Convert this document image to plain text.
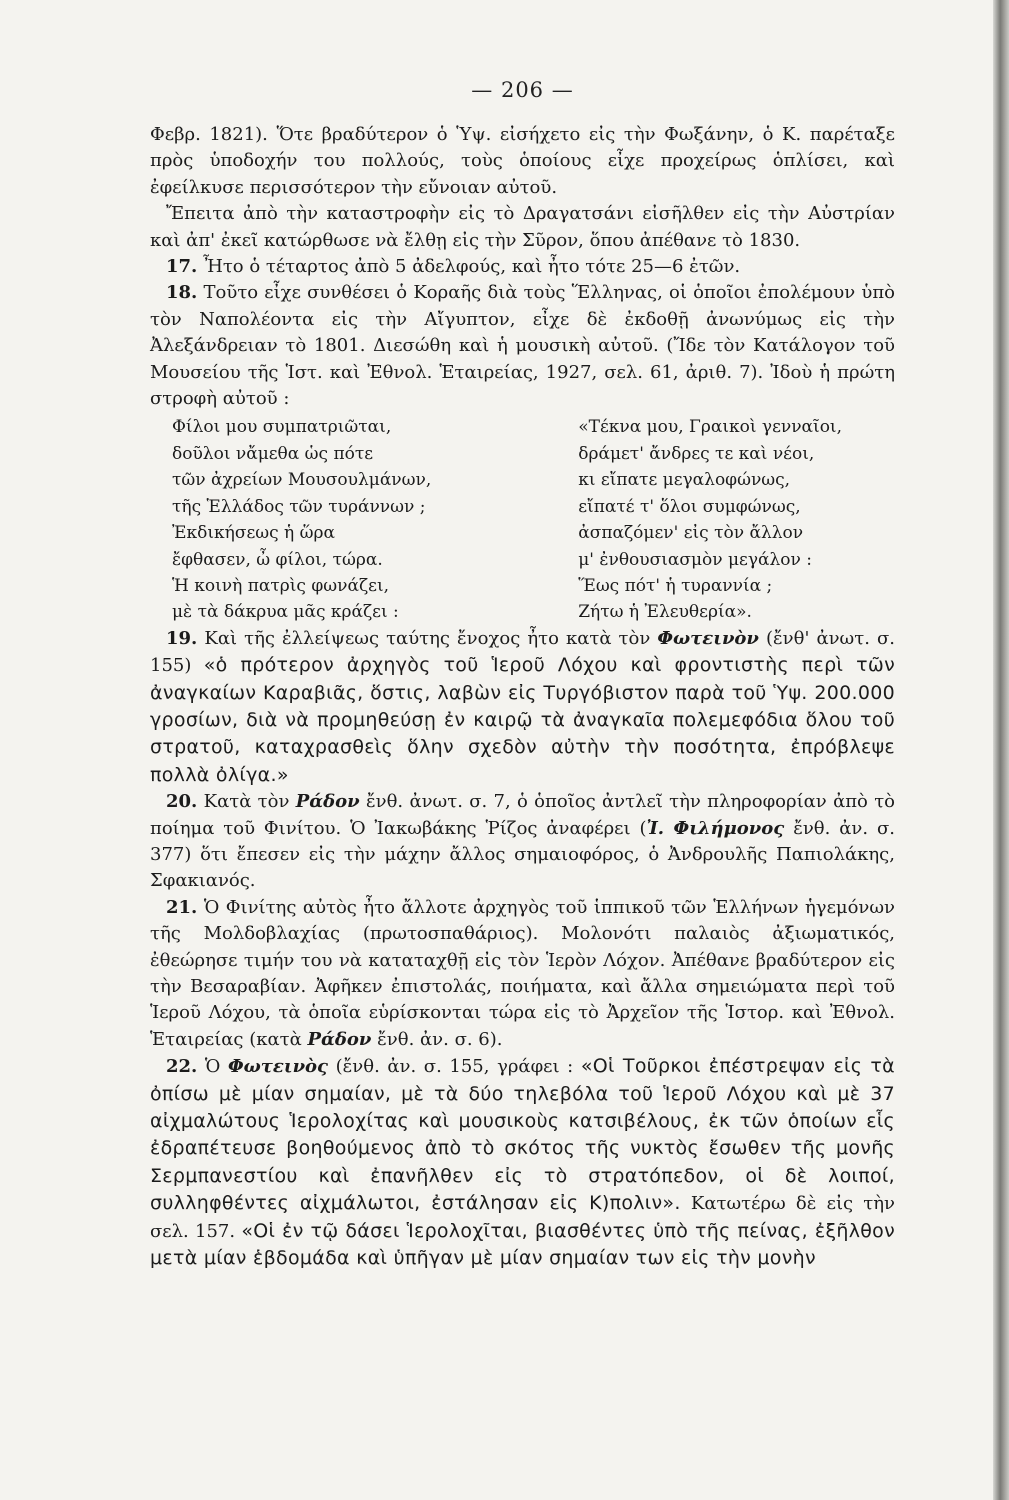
— 206 —

Φεβρ. 1821). Ὅτε βραδύτερον ὁ Ὑψ. εἰσήχετο εἰς τὴν Φωξάνην, ὁ Κ. παρέταξε πρὸς ὑποδοχήν του πολλούς, τοὺς ὁποίους εἶχε προχείρως ὁπλίσει, καὶ ἐφείλκυσε περισσότερον τὴν εὔνοιαν αὐτοῦ.

Ἔπειτα ἀπὸ τὴν καταστροφὴν εἰς τὸ Δραγατσάνι εἰσῆλθεν εἰς τὴν Αὐστρίαν καὶ ἀπ' ἐκεῖ κατώρθωσε νὰ ἔλθῃ εἰς τὴν Σῦρον, ὅπου ἀπέθανε τὸ 1830.

17. Ἦτο ὁ τέταρτος ἀπὸ 5 ἀδελφούς, καὶ ἦτο τότε 25—6 ἐτῶν.

18. Τοῦτο εἶχε συνθέσει ὁ Κοραῆς διὰ τοὺς Ἕλληνας, οἱ ὁποῖοι ἐπολέμουν ὑπὸ τὸν Ναπολέοντα εἰς τὴν Αἴγυπτον, εἶχε δὲ ἐκδοθῇ ἀνωνύμως εἰς τὴν Ἀλεξάνδρειαν τὸ 1801. Διεσώθη καὶ ἡ μουσικὴ αὐτοῦ. (Ἴδε τὸν Κατάλογον τοῦ Μουσείου τῆς Ἱστ. καὶ Ἐθνολ. Ἑταιρείας, 1927, σελ. 61, ἀριθ. 7). Ἰδοὺ ἡ πρώτη στροφὴ αὐτοῦ :

Φίλοι μου συμπατριῶται,
δοῦλοι νἄμεθα ὡς πότε
τῶν ἀχρείων Μουσουλμάνων,
τῆς Ἑλλάδος τῶν τυράννων ;
Ἐκδικήσεως ἡ ὥρα
ἔφθασεν, ὦ φίλοι, τώρα.
Ἡ κοινὴ πατρὶς φωνάζει,
μὲ τὰ δάκρυα μᾶς κράζει :
«Τέκνα μου, Γραικοὶ γενναῖοι,
δράμετ' ἄνδρες τε καὶ νέοι,
κι εἴπατε μεγαλοφώνως,
εἴπατέ τ' ὅλοι συμφώνως,
ἀσπαζόμεν' εἰς τὸν ἄλλον
μ' ἐνθουσιασμὸν μεγάλον :
Ἕως πότ' ἡ τυραννία ;
Ζήτω ἡ Ἐλευθερία».

19. Καὶ τῆς ἐλλείψεως ταύτης ἔνοχος ἦτο κατὰ τὸν Φωτεινὸν (ἔνθ' ἀνωτ. σ. 155) «ὁ πρότερον ἀρχηγὸς τοῦ Ἱεροῦ Λόχου καὶ φροντιστὴς περὶ τῶν ἀναγκαίων Καραβιᾶς, ὅστις, λαβὼν εἰς Τυργόβιστον παρὰ τοῦ Ὑψ. 200.000 γροσίων, διὰ νὰ προμηθεύσῃ ἐν καιρῷ τὰ ἀναγκαῖα πολεμεφόδια ὅλου τοῦ στρατοῦ, καταχρασθεὶς ὅλην σχεδὸν αὐτὴν τὴν ποσότητα, ἐπρόβλεψε πολλὰ ὀλίγα.»

20. Κατὰ τὸν Ράδον ἔνθ. ἀνωτ. σ. 7, ὁ ὁποῖος ἀντλεῖ τὴν πληροφορίαν ἀπὸ τὸ ποίημα τοῦ Φινίτου. Ὁ Ἰακωβάκης Ῥίζος ἀναφέρει (Ἰ. Φιλήμονος ἔνθ. ἀν. σ. 377) ὅτι ἔπεσεν εἰς τὴν μάχην ἄλλος σημαιοφόρος, ὁ Ἀνδρουλῆς Παπιολάκης, Σφακιανός.

21. Ὁ Φινίτης αὐτὸς ἦτο ἄλλοτε ἀρχηγὸς τοῦ ἱππικοῦ τῶν Ἑλλήνων ἡγεμόνων τῆς Μολδοβλαχίας (πρωτοσπαθάριος). Μολονότι παλαιὸς ἀξιωματικός, ἐθεώρησε τιμήν του νὰ καταταχθῇ εἰς τὸν Ἱερὸν Λόχον. Ἀπέθανε βραδύτερον εἰς τὴν Βεσαραβίαν. Ἀφῆκεν ἐπιστολάς, ποιήματα, καὶ ἄλλα σημειώματα περὶ τοῦ Ἱεροῦ Λόχου, τὰ ὁποῖα εὑρίσκονται τώρα εἰς τὸ Ἀρχεῖον τῆς Ἱστορ. καὶ Ἐθνολ. Ἑταιρείας (κατὰ Ράδον ἔνθ. ἀν. σ. 6).

22. Ὁ Φωτεινὸς (ἔνθ. ἀν. σ. 155, γράφει : «Οἱ Τοῦρκοι ἐπέστρεψαν εἰς τὰ ὀπίσω μὲ μίαν σημαίαν, μὲ τὰ δύο τηλεβόλα τοῦ Ἱεροῦ Λόχου καὶ μὲ 37 αἰχμαλώτους Ἱερολοχίτας καὶ μουσικοὺς κατσιβέλους, ἐκ τῶν ὁποίων εἷς ἐδραπέτευσε βοηθούμενος ἀπὸ τὸ σκότος τῆς νυκτὸς ἔσωθεν τῆς μονῆς Σερμπανεστίου καὶ ἐπανῆλθεν εἰς τὸ στρατόπεδον, οἱ δὲ λοιποί, συλληφθέντες αἰχμάλωτοι, ἐστάλησαν εἰς Κ)πολιν». Κατωτέρω δὲ εἰς τὴν σελ. 157. «Οἱ ἐν τῷ δάσει Ἱερολοχῖται, βιασθέντες ὑπὸ τῆς πείνας, ἐξῆλθον μετὰ μίαν ἑβδομάδα καὶ ὑπῆγαν μὲ μίαν σημαίαν των εἰς τὴν μονὴν
